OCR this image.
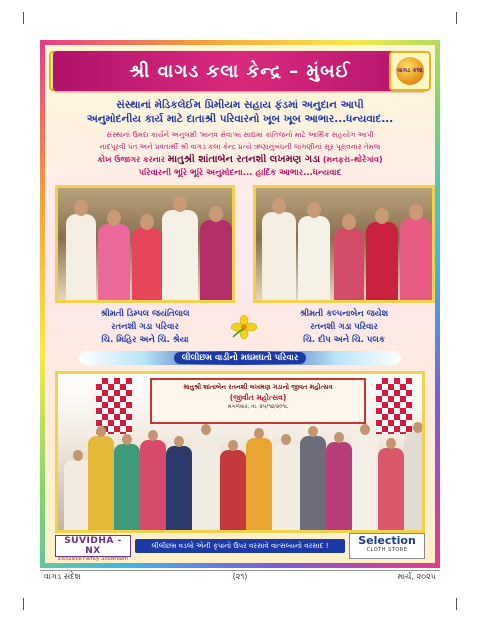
શ્રી વાગડ કલા કેન્દ્ર – મુંબઈ	વાગડ કલા
સંસ્થાનાં મેડિકલેઈમ પ્રિમીયમ સહાય ફંડમાં અનુદાન આપી
અનુમોદનીય કાર્ય માટે દાતાશ્રી પરિવારનો ખૂબ ખૂબ આભાર...ધન્યવાદ...
સંસ્થાનાં ઉમદા કાર્યને અનુલક્ષી 'માનવ સેવા'માં સાદ્યમાં કાંતિજનો માટે આર્થિક સહયોગ આપી
નાદપૂરવી પંત અને પ્રવતાર્થી શ્રી વાગડ કલા કેન્દ્ર પ્રત્યે ઋણાનુંબંધની લાગણીનાં સૂર પૂરાવનાર તેમજ
કોખ ઉજાગર કરનાર માતુશ્રી શાંતાબેન રતનશી લખમણ ગડા (મનફરા–થોરેગાંવ)
પરિવારની ભૂરિ ભૂરિ અનુમોદના... હાર્દિક આભાર...ધન્યવાદ
શ્રીમતી ડિમ્પલ જયંતિલાલ
રતનશી ગડા પરિવાર
ચિ. મિહિર અને ચિ. શ્રેયા
શ્રીમતી કલ્પનાબેન જયેશ
રતનશી ગડા પરિવાર
ચિ. દીપ અને ચિ. પલક
લીલીછમ વાડીનો મઘમઘતો પરિવાર
માતુશ્રી શાંતાબેન રતનશી લખમણ ગડાનો જીવત મહોત્સવ
(જીવીત મહોત્સવ)
મંગળવાર, તા. ૨૫/૧૨/૨૦૧૮
SUVIDHA - NX
Exclusive Family Showroom
લીલીછમ વડલો એની કૃપાનો ઉપર વરસાવે વાત્સલ્યનો વરસાદ !	Selection
CLOTH STORE
વાગડ સંદેશ	(૨૧)	માર્ચ, ૨૦૨૫
